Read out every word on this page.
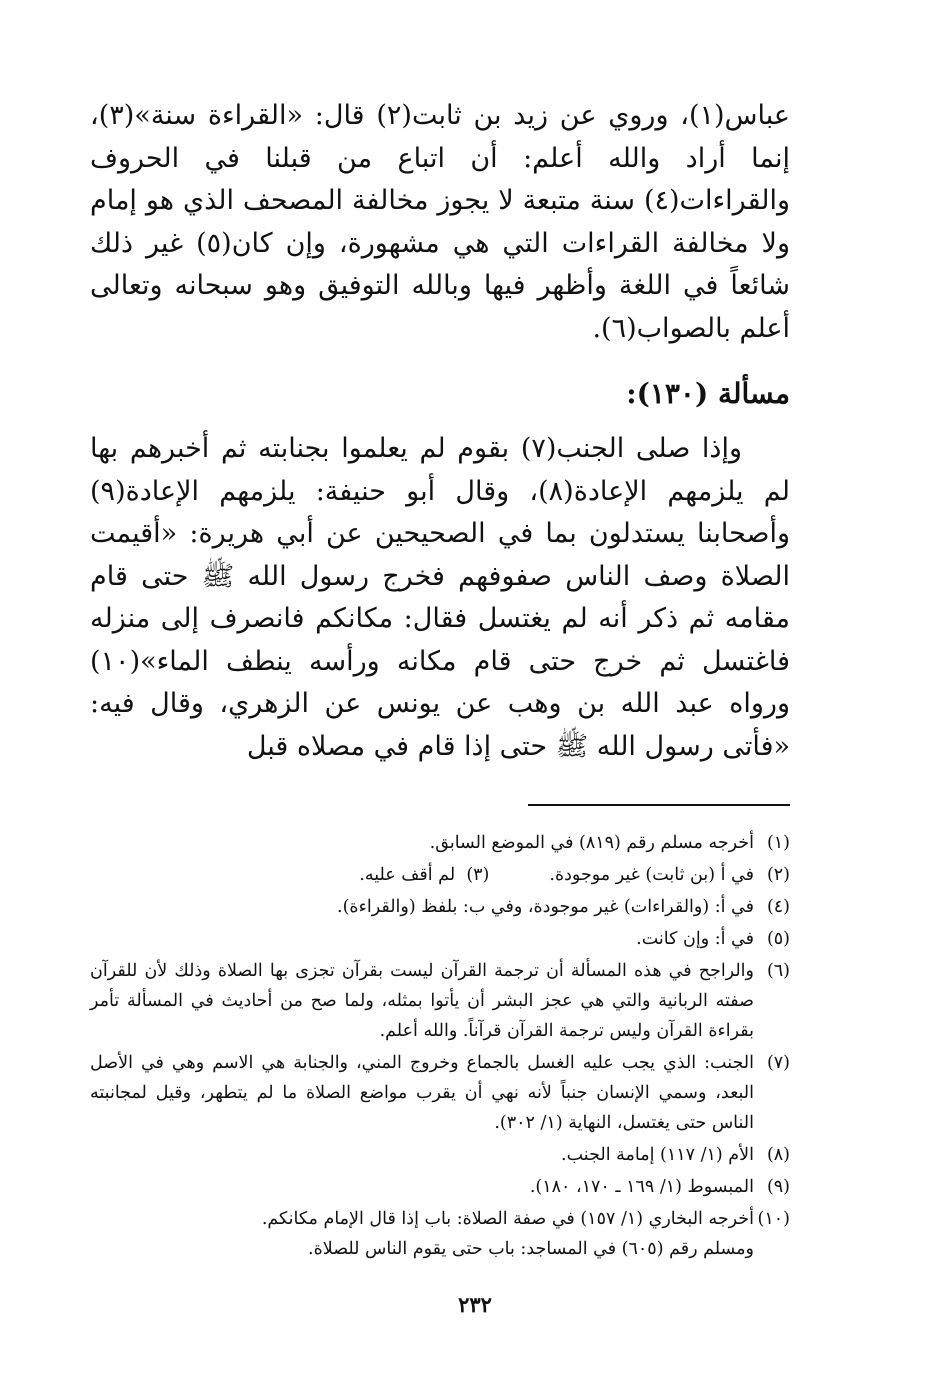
عباس(١)، وروي عن زيد بن ثابت(٢) قال: «القراءة سنة»(٣)، إنما أراد والله أعلم: أن اتباع من قبلنا في الحروف والقراءات(٤) سنة متبعة لا يجوز مخالفة المصحف الذي هو إمام ولا مخالفة القراءات التي هي مشهورة، وإن كان(٥) غير ذلك شائعاً في اللغة وأظهر فيها وبالله التوفيق وهو سبحانه وتعالى أعلم بالصواب(٦).

مسألة (١٣٠):

وإذا صلى الجنب(٧) بقوم لم يعلموا بجنابته ثم أخبرهم بها لم يلزمهم الإعادة(٨)، وقال أبو حنيفة: يلزمهم الإعادة(٩) وأصحابنا يستدلون بما في الصحيحين عن أبي هريرة: «أقيمت الصلاة وصف الناس صفوفهم فخرج رسول الله ﷺ حتى قام مقامه ثم ذكر أنه لم يغتسل فقال: مكانكم فانصرف إلى منزله فاغتسل ثم خرج حتى قام مكانه ورأسه ينطف الماء»(١٠) ورواه عبد الله بن وهب عن يونس عن الزهري، وقال فيه: «فأتى رسول الله ﷺ حتى إذا قام في مصلاه قبل

(١)
أخرجه مسلم رقم (٨١٩) في الموضع السابق.
(٢)
في أ (بن ثابت) غير موجودة.(٣)  لم أقف عليه.
(٤)
في أ: (والقراءات) غير موجودة، وفي ب: بلفظ (والقراءة).
(٥)
في أ: وإن كانت.
(٦)
والراجح في هذه المسألة أن ترجمة القرآن ليست بقرآن تجزى بها الصلاة وذلك لأن للقرآن صفته الربانية والتي هي عجز البشر أن يأتوا بمثله، ولما صح من أحاديث في المسألة تأمر بقراءة القرآن وليس ترجمة القرآن قرآناً. والله أعلم.
(٧)
الجنب: الذي يجب عليه الغسل بالجماع وخروج المني، والجنابة هي الاسم وهي في الأصل البعد، وسمي الإنسان جنباً لأنه نهي أن يقرب مواضع الصلاة ما لم يتطهر، وقيل لمجانبته الناس حتى يغتسل، النهاية (١/ ٣٠٢).
(٨)
الأم (١/ ١١٧) إمامة الجنب.
(٩)
المبسوط (١/ ١٦٩ ـ ١٧٠، ١٨٠).
(١٠)
أخرجه البخاري (١/ ١٥٧) في صفة الصلاة: باب إذا قال الإمام مكانكم.
ومسلم رقم (٦٠٥) في المساجد: باب حتى يقوم الناس للصلاة.
٢٣٢
